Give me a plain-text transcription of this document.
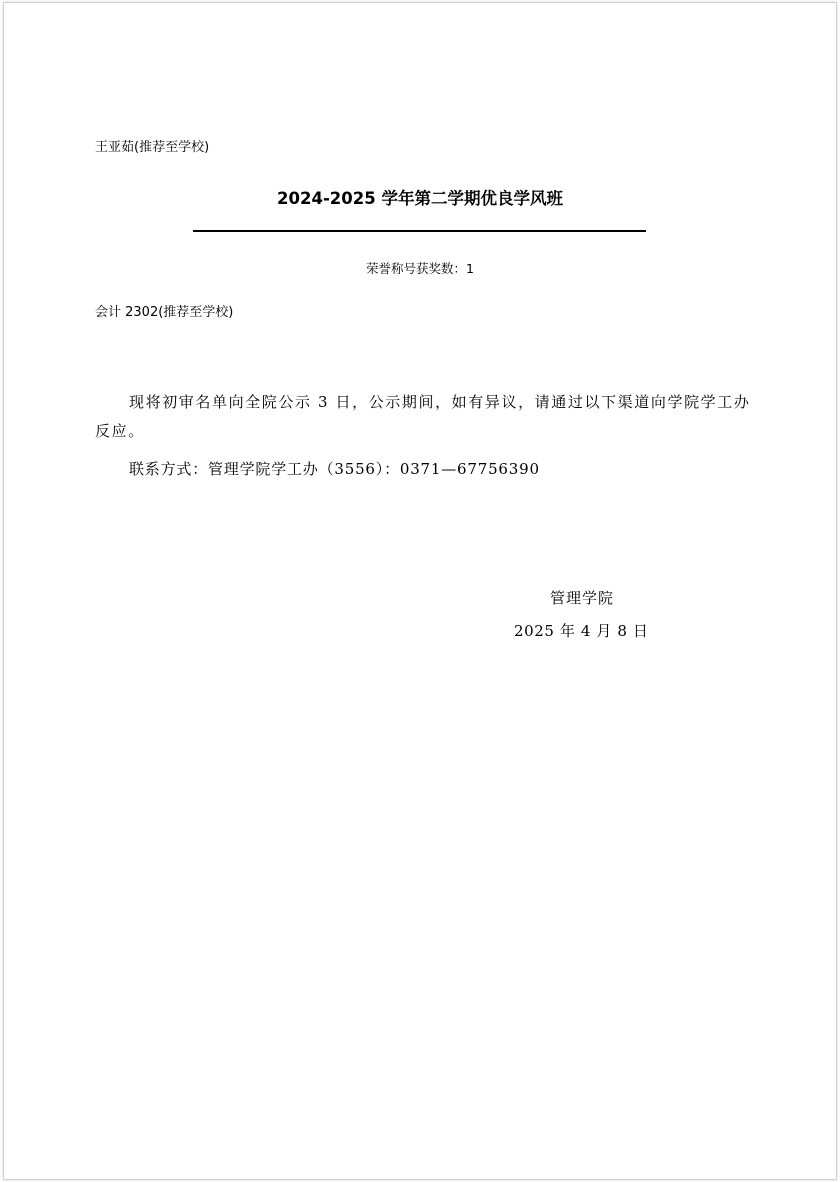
王亚茹(推荐至学校)
2024-2025 学年第二学期优良学风班
荣誉称号获奖数：1
会计 2302(推荐至学校)
现将初审名单向全院公示 3 日，公示期间，如有异议，请通过以下渠道向学院学工办反应。
联系方式：管理学院学工办（3556）：0371—67756390
管理学院
2025 年 4 月 8 日
